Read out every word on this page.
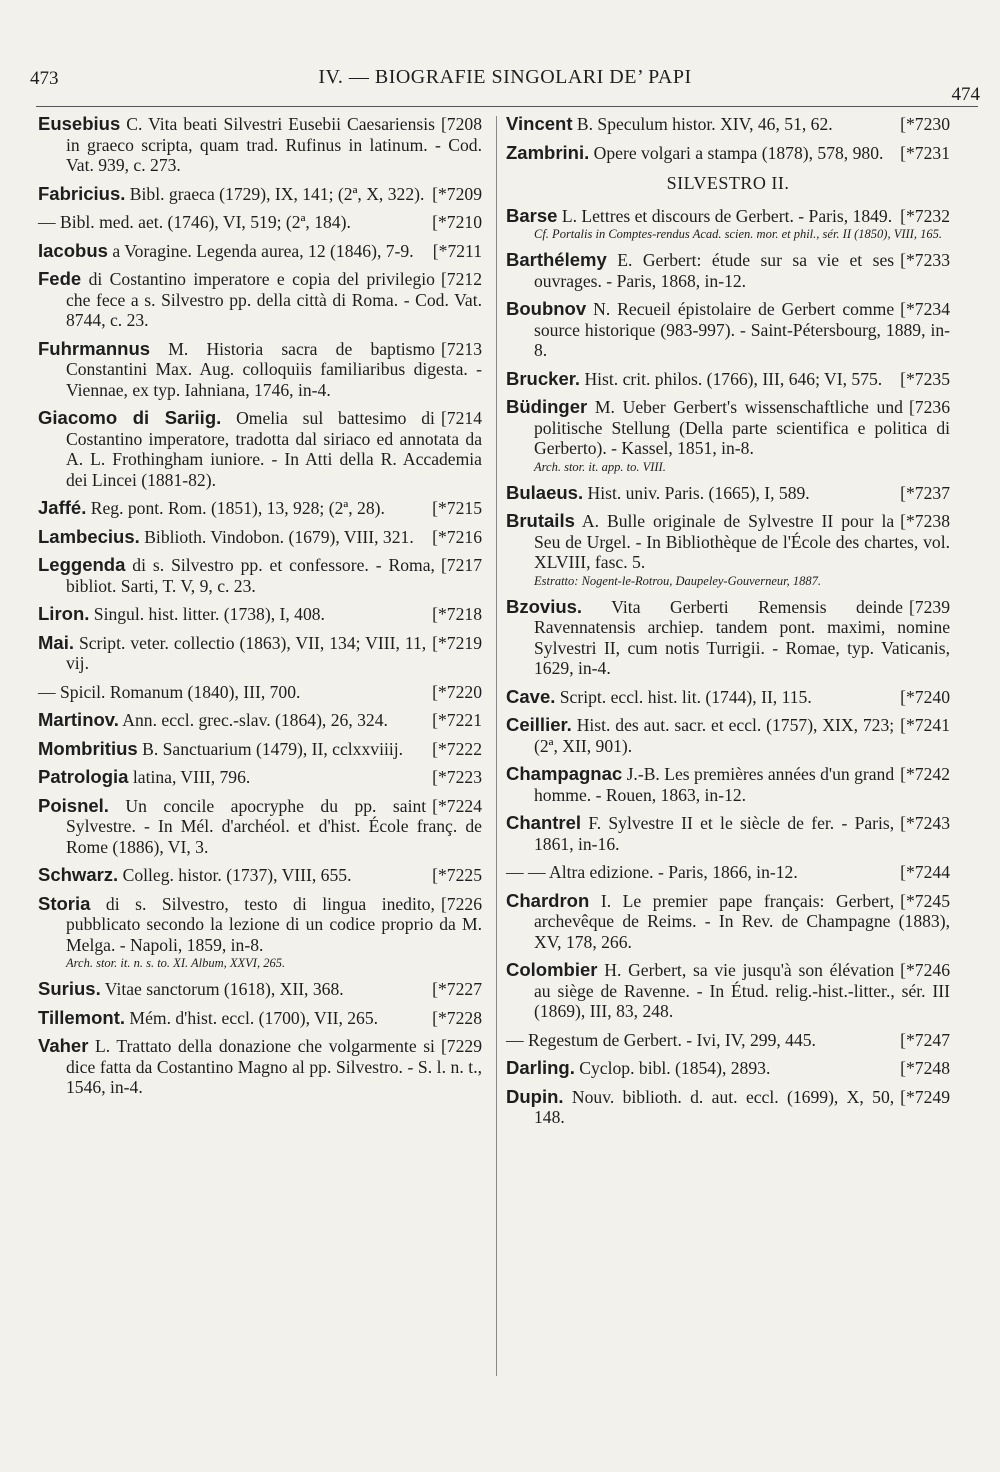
473	IV. — BIOGRAFIE SINGOLARI DE’ PAPI
474
[7208
Eusebius C. Vita beati Silvestri Eusebii Caesariensis in graeco scripta, quam trad. Rufinus in latinum. - Cod. Vat. 939, c. 273.
[*7209
Fabricius. Bibl. graeca (1729), IX, 141; (2ª, X, 322).
[*7210
— Bibl. med. aet. (1746), VI, 519; (2ª, 184).
[*7211
Iacobus a Voragine. Legenda aurea, 12 (1846), 7-9.
[7212
Fede di Costantino imperatore e copia del privilegio che fece a s. Silvestro pp. della città di Roma. - Cod. Vat. 8744, c. 23.
[7213
Fuhrmannus M. Historia sacra de baptismo Constantini Max. Aug. colloquiis familiaribus digesta. - Viennae, ex typ. Iahniana, 1746, in-4.
[7214
Giacomo di Sariig. Omelia sul battesimo di Costantino imperatore, tradotta dal siriaco ed annotata da A. L. Frothingham iuniore. - In Atti della R. Accademia dei Lincei (1881-82).
[*7215
Jaffé. Reg. pont. Rom. (1851), 13, 928; (2ª, 28).
[*7216
Lambecius. Biblioth. Vindobon. (1679), VIII, 321.
[7217
Leggenda di s. Silvestro pp. et confessore. - Roma, bibliot. Sarti, T. V, 9, c. 23.
[*7218
Liron. Singul. hist. litter. (1738), I, 408.
[*7219
Mai. Script. veter. collectio (1863), VII, 134; VIII, 11, vij.
[*7220
— Spicil. Romanum (1840), III, 700.
[*7221
Martinov. Ann. eccl. grec.-slav. (1864), 26, 324.
[*7222
Mombritius B. Sanctuarium (1479), II, cclxxviiij.
[*7223
Patrologia latina, VIII, 796.
[*7224
Poisnel. Un concile apocryphe du pp. saint Sylvestre. - In Mél. d'archéol. et d'hist. École franç. de Rome (1886), VI, 3.
[*7225
Schwarz. Colleg. histor. (1737), VIII, 655.
[7226
Storia di s. Silvestro, testo di lingua inedito, pubblicato secondo la lezione di un codice proprio da M. Melga. - Napoli, 1859, in-8.
Arch. stor. it. n. s. to. XI. Album, XXVI, 265.
[*7227
Surius. Vitae sanctorum (1618), XII, 368.
[*7228
Tillemont. Mém. d'hist. eccl. (1700), VII, 265.
[7229
Vaher L. Trattato della donazione che volgarmente si dice fatta da Costantino Magno al pp. Silvestro. - S. l. n. t., 1546, in-4.
[*7230
Vincent B. Speculum histor. XIV, 46, 51, 62.
[*7231
Zambrini. Opere volgari a stampa (1878), 578, 980.
SILVESTRO II.
[*7232
Barse L. Lettres et discours de Gerbert. - Paris, 1849.
Cf. Portalis in Comptes-rendus Acad. scien. mor. et phil., sér. II (1850), VIII, 165.
[*7233
Barthélemy E. Gerbert: étude sur sa vie et ses ouvrages. - Paris, 1868, in-12.
[*7234
Boubnov N. Recueil épistolaire de Gerbert comme source historique (983-997). - Saint-Pétersbourg, 1889, in-8.
[*7235
Brucker. Hist. crit. philos. (1766), III, 646; VI, 575.
[7236
Büdinger M. Ueber Gerbert's wissenschaftliche und politische Stellung (Della parte scientifica e politica di Gerberto). - Kassel, 1851, in-8.
Arch. stor. it. app. to. VIII.
[*7237
Bulaeus. Hist. univ. Paris. (1665), I, 589.
[*7238
Brutails A. Bulle originale de Sylvestre II pour la Seu de Urgel. - In Bibliothèque de l'École des chartes, vol. XLVIII, fasc. 5.
Estratto: Nogent-le-Rotrou, Daupeley-Gouverneur, 1887.
[7239
Bzovius. Vita Gerberti Remensis deinde Ravennatensis archiep. tandem pont. maximi, nomine Sylvestri II, cum notis Turrigii. - Romae, typ. Vaticanis, 1629, in-4.
[*7240
Cave. Script. eccl. hist. lit. (1744), II, 115.
[*7241
Ceillier. Hist. des aut. sacr. et eccl. (1757), XIX, 723; (2ª, XII, 901).
[*7242
Champagnac J.-B. Les premières années d'un grand homme. - Rouen, 1863, in-12.
[*7243
Chantrel F. Sylvestre II et le siècle de fer. - Paris, 1861, in-16.
[*7244
— — Altra edizione. - Paris, 1866, in-12.
[*7245
Chardron I. Le premier pape français: Gerbert, archevêque de Reims. - In Rev. de Champagne (1883), XV, 178, 266.
[*7246
Colombier H. Gerbert, sa vie jusqu'à son élévation au siège de Ravenne. - In Étud. relig.-hist.-litter., sér. III (1869), III, 83, 248.
[*7247
— Regestum de Gerbert. - Ivi, IV, 299, 445.
[*7248
Darling. Cyclop. bibl. (1854), 2893.
[*7249
Dupin. Nouv. biblioth. d. aut. eccl. (1699), X, 50, 148.
